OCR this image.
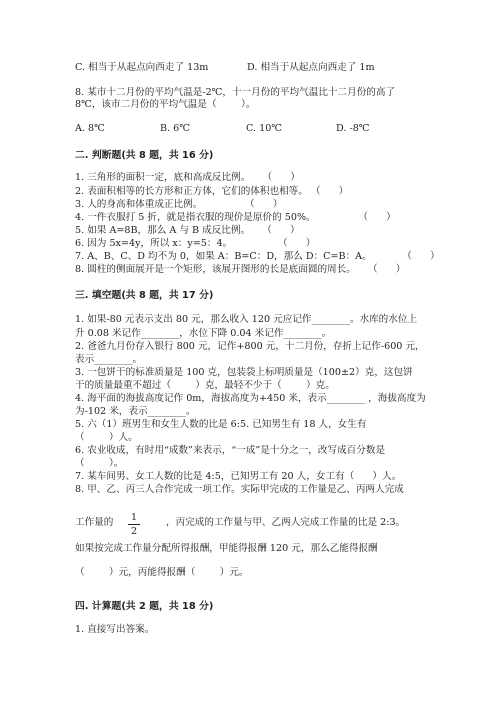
C. 相当于从起点向西走了 13m	D. 相当于从起点向西走了 1m
8. 某市十二月份的平均气温是-2℃，十一月份的平均气温比十二月份的高了
8℃，该市二月份的平均气温是（        ）。
A. 8℃	B. 6℃	C. 10℃	D. -8℃
二. 判断题(共 8 题，共 16 分)
1. 三角形的面积一定，底和高成反比例。    （      ）
2. 表面积相等的长方形和正方体，它们的体积也相等。 （      ）
3. 人的身高和体重成正比例。              （      ）
4. 一件衣服打 5 折，就是指衣服的现价是原价的 50%。              （      ）
5. 如果 A=8B，那么 A 与 B 成反比例。    （      ）
6. 因为 5x=4y，所以 x：y=5：4。               （      ）
7. A、B、C、D 均不为 0，如果 A：B=C：D，那么 D：C=B：A。          （      ）
8. 圆柱的侧面展开是一个矩形，该展开图形的长是底面圆的周长。    （      ）
三. 填空题(共 8 题，共 17 分)
1. 如果-80 元表示支出 80 元，那么收入 120 元应记作________。水库的水位上
升 0.08 米记作________，水位下降 0.04 米记作________。
2. 爸爸九月份存入银行 800 元，记作+800 元，十二月份，存折上记作-600 元，
表示________。
3. 一包饼干的标准质量是 100 克，包装袋上标明质量是（100±2）克，这包饼
干的质量最重不超过（        ）克，最轻不少于（        ）克。
4. 海平面的海拔高度记作 0m，海拔高度为+450 米，表示________ ，海拔高度为
为-102 米，表示________。
5. 六（1）班男生和女生人数的比是 6:5. 已知男生有 18 人，女生有
（        ）人。
6. 农业收成，有时用“成数”来表示，“一成”是十分之一，改写成百分数是
（        ）。
7. 某车间男、女工人数的比是 4:5，已知男工有 20 人，女工有（      ）人。
8. 甲、乙、丙三人合作完成一项工作。实际甲完成的工作量是乙、丙两人完成
工作量的	1
2
，丙完成的工作量与甲、乙两人完成工作量的比是 2:3。
如果按完成工作量分配所得报酬，甲能得报酬 120 元，那么乙能得报酬
（        ）元，丙能得报酬（        ）元。
四. 计算题(共 2 题，共 18 分)
1. 直接写出答案。
